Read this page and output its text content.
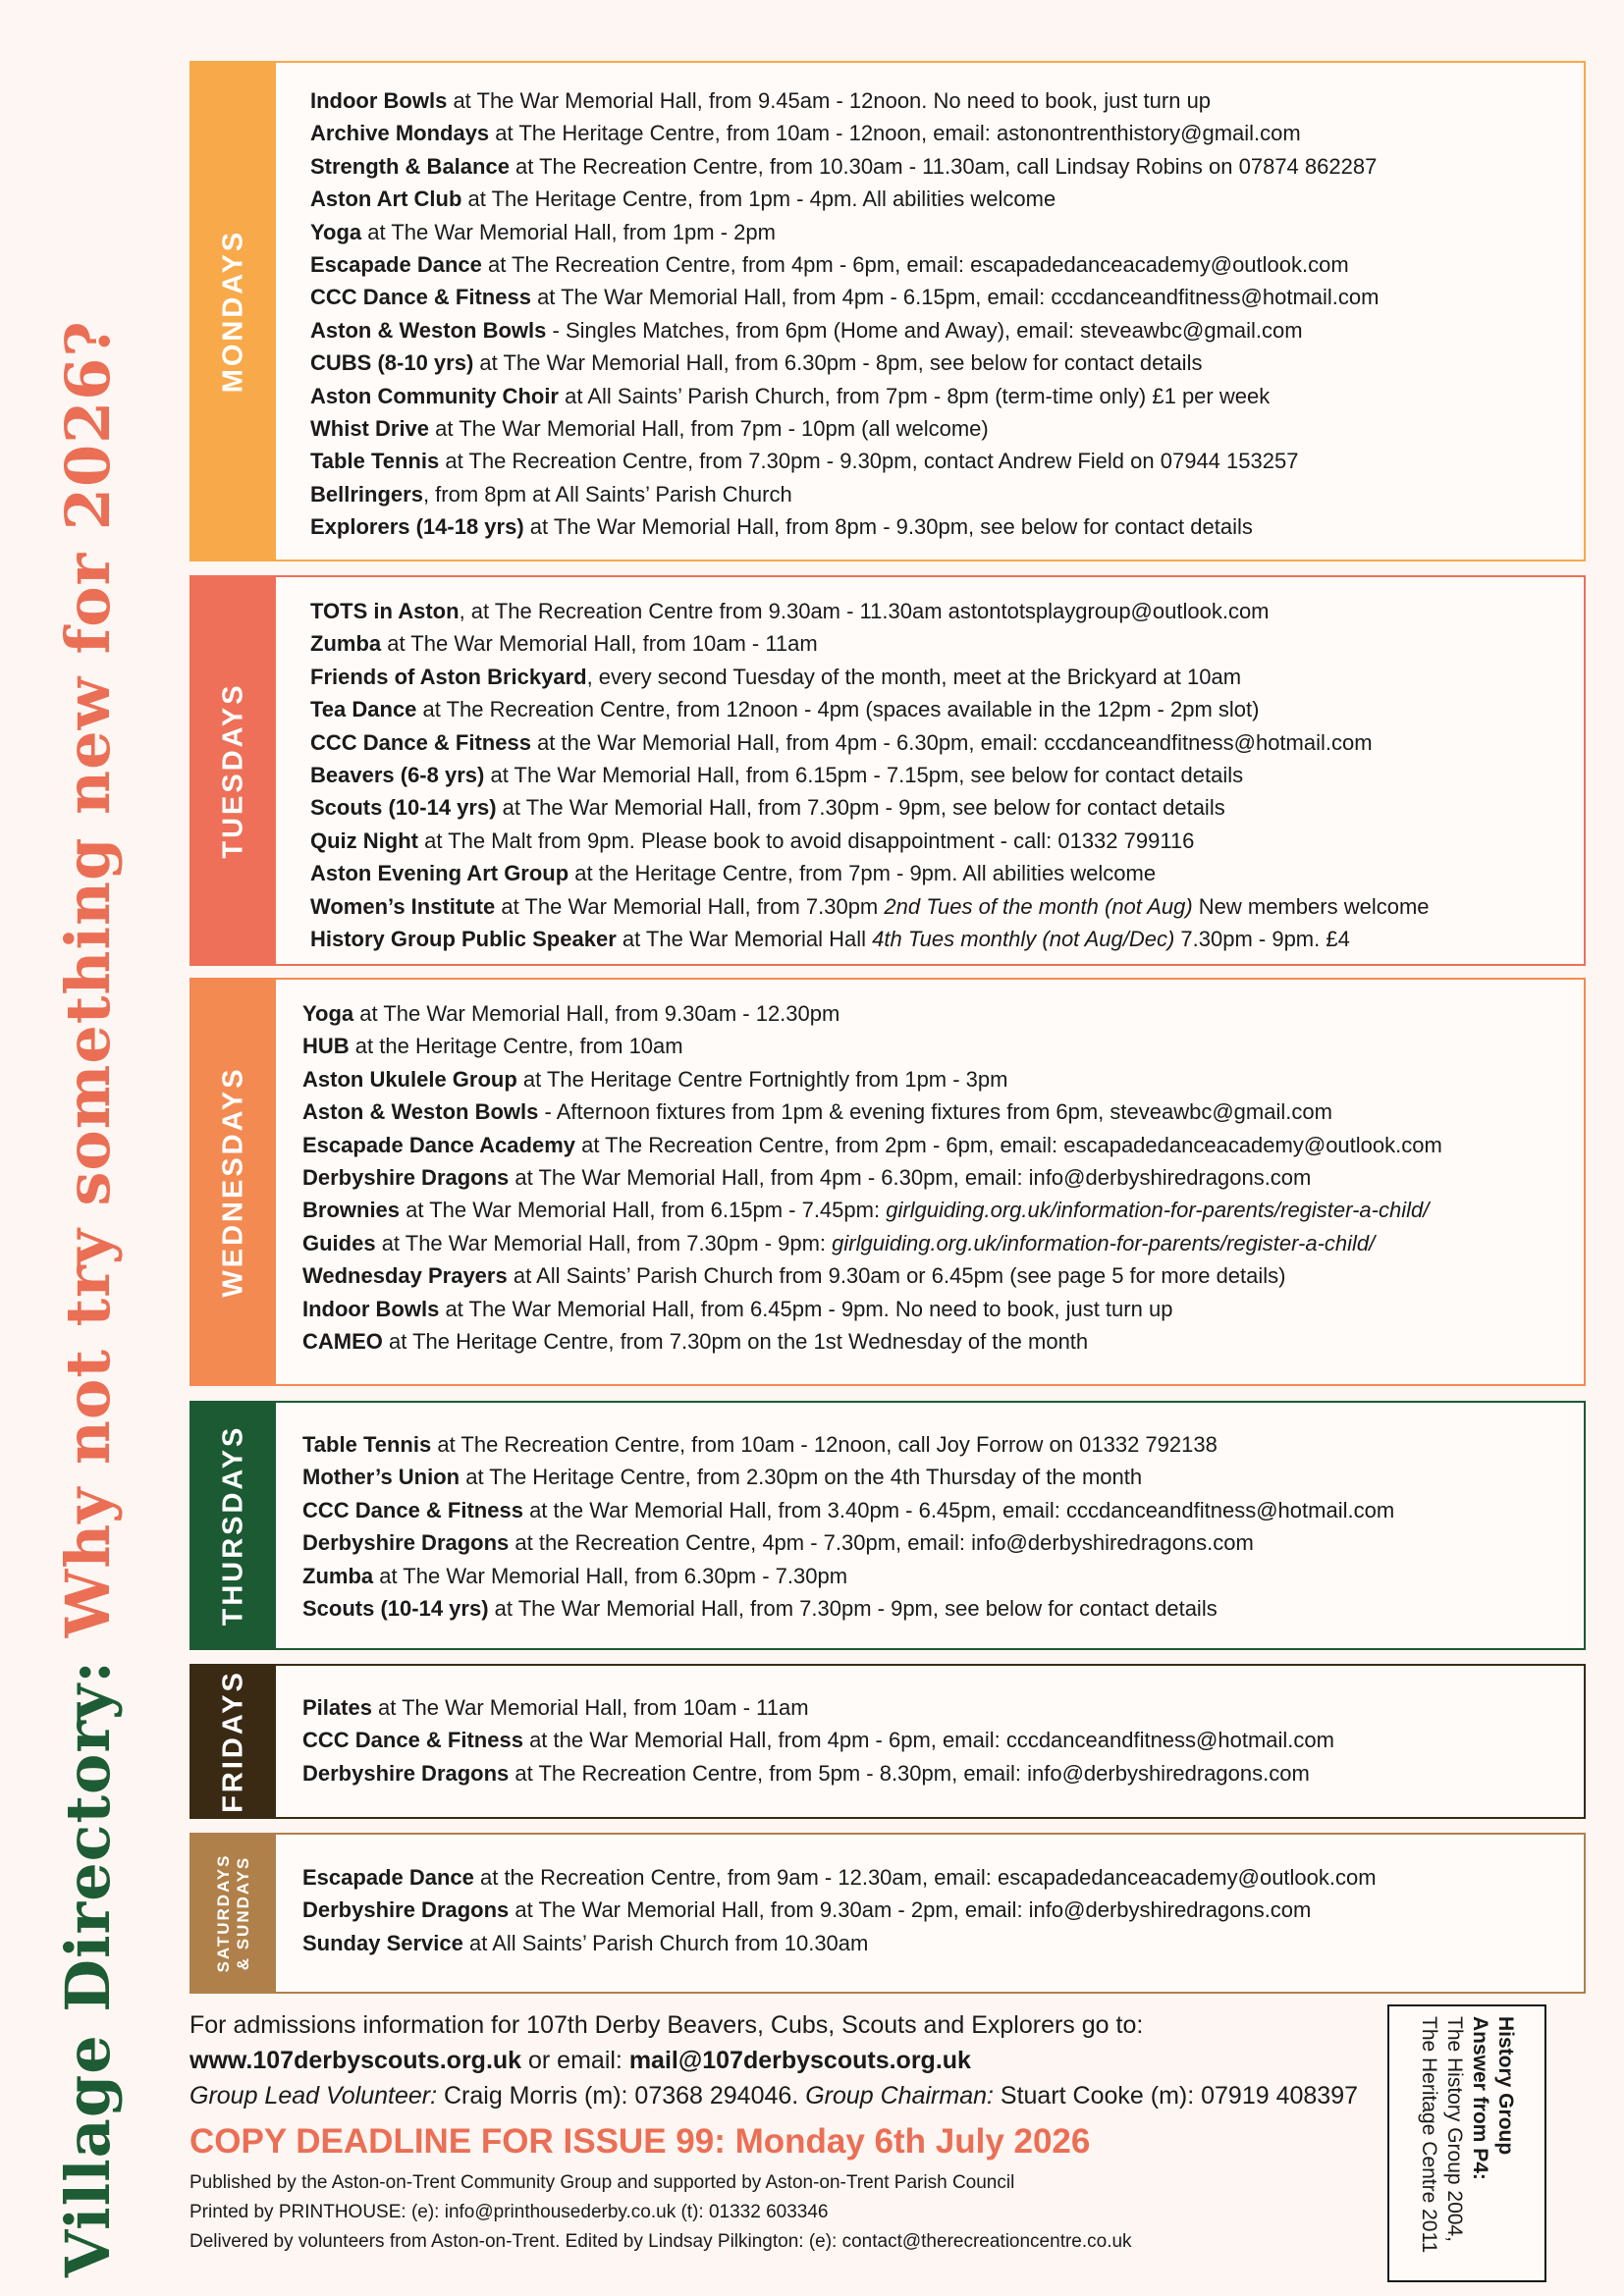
Village Directory: Why not try something new for 2026?
MONDAYS
Indoor Bowls at The War Memorial Hall, from 9.45am - 12noon. No need to book, just turn up
Archive Mondays at The Heritage Centre, from 10am - 12noon, email: astonontrenthistory@gmail.com
Strength & Balance at The Recreation Centre, from 10.30am - 11.30am, call Lindsay Robins on 07874 862287
Aston Art Club at The Heritage Centre, from 1pm - 4pm. All abilities welcome
Yoga at The War Memorial Hall, from 1pm - 2pm
Escapade Dance at The Recreation Centre, from 4pm - 6pm, email: escapadedanceacademy@outlook.com
CCC Dance & Fitness at The War Memorial Hall, from 4pm - 6.15pm, email: cccdanceandfitness@hotmail.com
Aston & Weston Bowls - Singles Matches, from 6pm (Home and Away), email: steveawbc@gmail.com
CUBS (8-10 yrs) at The War Memorial Hall, from 6.30pm - 8pm, see below for contact details
Aston Community Choir at All Saints’ Parish Church, from 7pm - 8pm (term-time only) £1 per week
Whist Drive at The War Memorial Hall, from 7pm - 10pm (all welcome)
Table Tennis at The Recreation Centre, from 7.30pm - 9.30pm, contact Andrew Field on 07944 153257
Bellringers, from 8pm at All Saints’ Parish Church
Explorers (14-18 yrs) at The War Memorial Hall, from 8pm - 9.30pm, see below for contact details
TUESDAYS
TOTS in Aston, at The Recreation Centre from 9.30am - 11.30am astontotsplaygroup@outlook.com
Zumba at The War Memorial Hall, from 10am - 11am
Friends of Aston Brickyard, every second Tuesday of the month, meet at the Brickyard at 10am
Tea Dance at The Recreation Centre, from 12noon - 4pm (spaces available in the 12pm - 2pm slot)
CCC Dance & Fitness at the War Memorial Hall, from 4pm - 6.30pm, email: cccdanceandfitness@hotmail.com
Beavers (6-8 yrs) at The War Memorial Hall, from 6.15pm - 7.15pm, see below for contact details
Scouts (10-14 yrs) at The War Memorial Hall, from 7.30pm - 9pm, see below for contact details
Quiz Night at The Malt from 9pm. Please book to avoid disappointment - call: 01332 799116
Aston Evening Art Group at the Heritage Centre, from 7pm - 9pm. All abilities welcome
Women’s Institute at The War Memorial Hall, from 7.30pm 2nd Tues of the month (not Aug) New members welcome
History Group Public Speaker at The War Memorial Hall 4th Tues monthly (not Aug/Dec) 7.30pm - 9pm. £4
WEDNESDAYS
Yoga at The War Memorial Hall, from 9.30am - 12.30pm
HUB at the Heritage Centre, from 10am
Aston Ukulele Group at The Heritage Centre Fortnightly from 1pm - 3pm
Aston & Weston Bowls - Afternoon fixtures from 1pm & evening fixtures from 6pm, steveawbc@gmail.com
Escapade Dance Academy at The Recreation Centre, from 2pm - 6pm, email: escapadedanceacademy@outlook.com
Derbyshire Dragons at The War Memorial Hall, from 4pm - 6.30pm, email: info@derbyshiredragons.com
Brownies at The War Memorial Hall, from 6.15pm - 7.45pm: girlguiding.org.uk/information-for-parents/register-a-child/
Guides at The War Memorial Hall, from 7.30pm - 9pm: girlguiding.org.uk/information-for-parents/register-a-child/
Wednesday Prayers at All Saints’ Parish Church from 9.30am or 6.45pm (see page 5 for more details)
Indoor Bowls at The War Memorial Hall, from 6.45pm - 9pm. No need to book, just turn up
CAMEO at The Heritage Centre, from 7.30pm on the 1st Wednesday of the month
THURSDAYS Table Tennis at The Recreation Centre, from 10am - 12noon, call Joy Forrow on 01332 792138
Mother’s Union at The Heritage Centre, from 2.30pm on the 4th Thursday of the month
CCC Dance & Fitness at the War Memorial Hall, from 3.40pm - 6.45pm, email: cccdanceandfitness@hotmail.com
Derbyshire Dragons at the Recreation Centre, 4pm - 7.30pm, email: info@derbyshiredragons.com
Zumba at The War Memorial Hall, from 6.30pm - 7.30pm
Scouts (10-14 yrs) at The War Memorial Hall, from 7.30pm - 9pm, see below for contact details
FRIDAYS Pilates at The War Memorial Hall, from 10am - 11am
CCC Dance & Fitness at the War Memorial Hall, from 4pm - 6pm, email: cccdanceandfitness@hotmail.com
Derbyshire Dragons at The Recreation Centre, from 5pm - 8.30pm, email: info@derbyshiredragons.com
SATURDAYS & SUNDAYS Escapade Dance at the Recreation Centre, from 9am - 12.30am, email: escapadedanceacademy@outlook.com
Derbyshire Dragons at The War Memorial Hall, from 9.30am - 2pm, email: info@derbyshiredragons.com
Sunday Service at All Saints’ Parish Church from 10.30am
For admissions information for 107th Derby Beavers, Cubs, Scouts and Explorers go to:
www.107derbyscouts.org.uk or email: mail@107derbyscouts.org.uk
Group Lead Volunteer: Craig Morris (m): 07368 294046. Group Chairman: Stuart Cooke (m): 07919 408397
COPY DEADLINE FOR ISSUE 99: Monday 6th July 2026
Published by the Aston-on-Trent Community Group and supported by Aston-on-Trent Parish Council
Printed by PRINTHOUSE: (e): info@printhousederby.co.uk (t): 01332 603346
Delivered by volunteers from Aston-on-Trent. Edited by Lindsay Pilkington: (e): contact@therecreationcentre.co.uk
History Group
Answer from P4:
The History Group 2004, The Heritage Centre 2011
